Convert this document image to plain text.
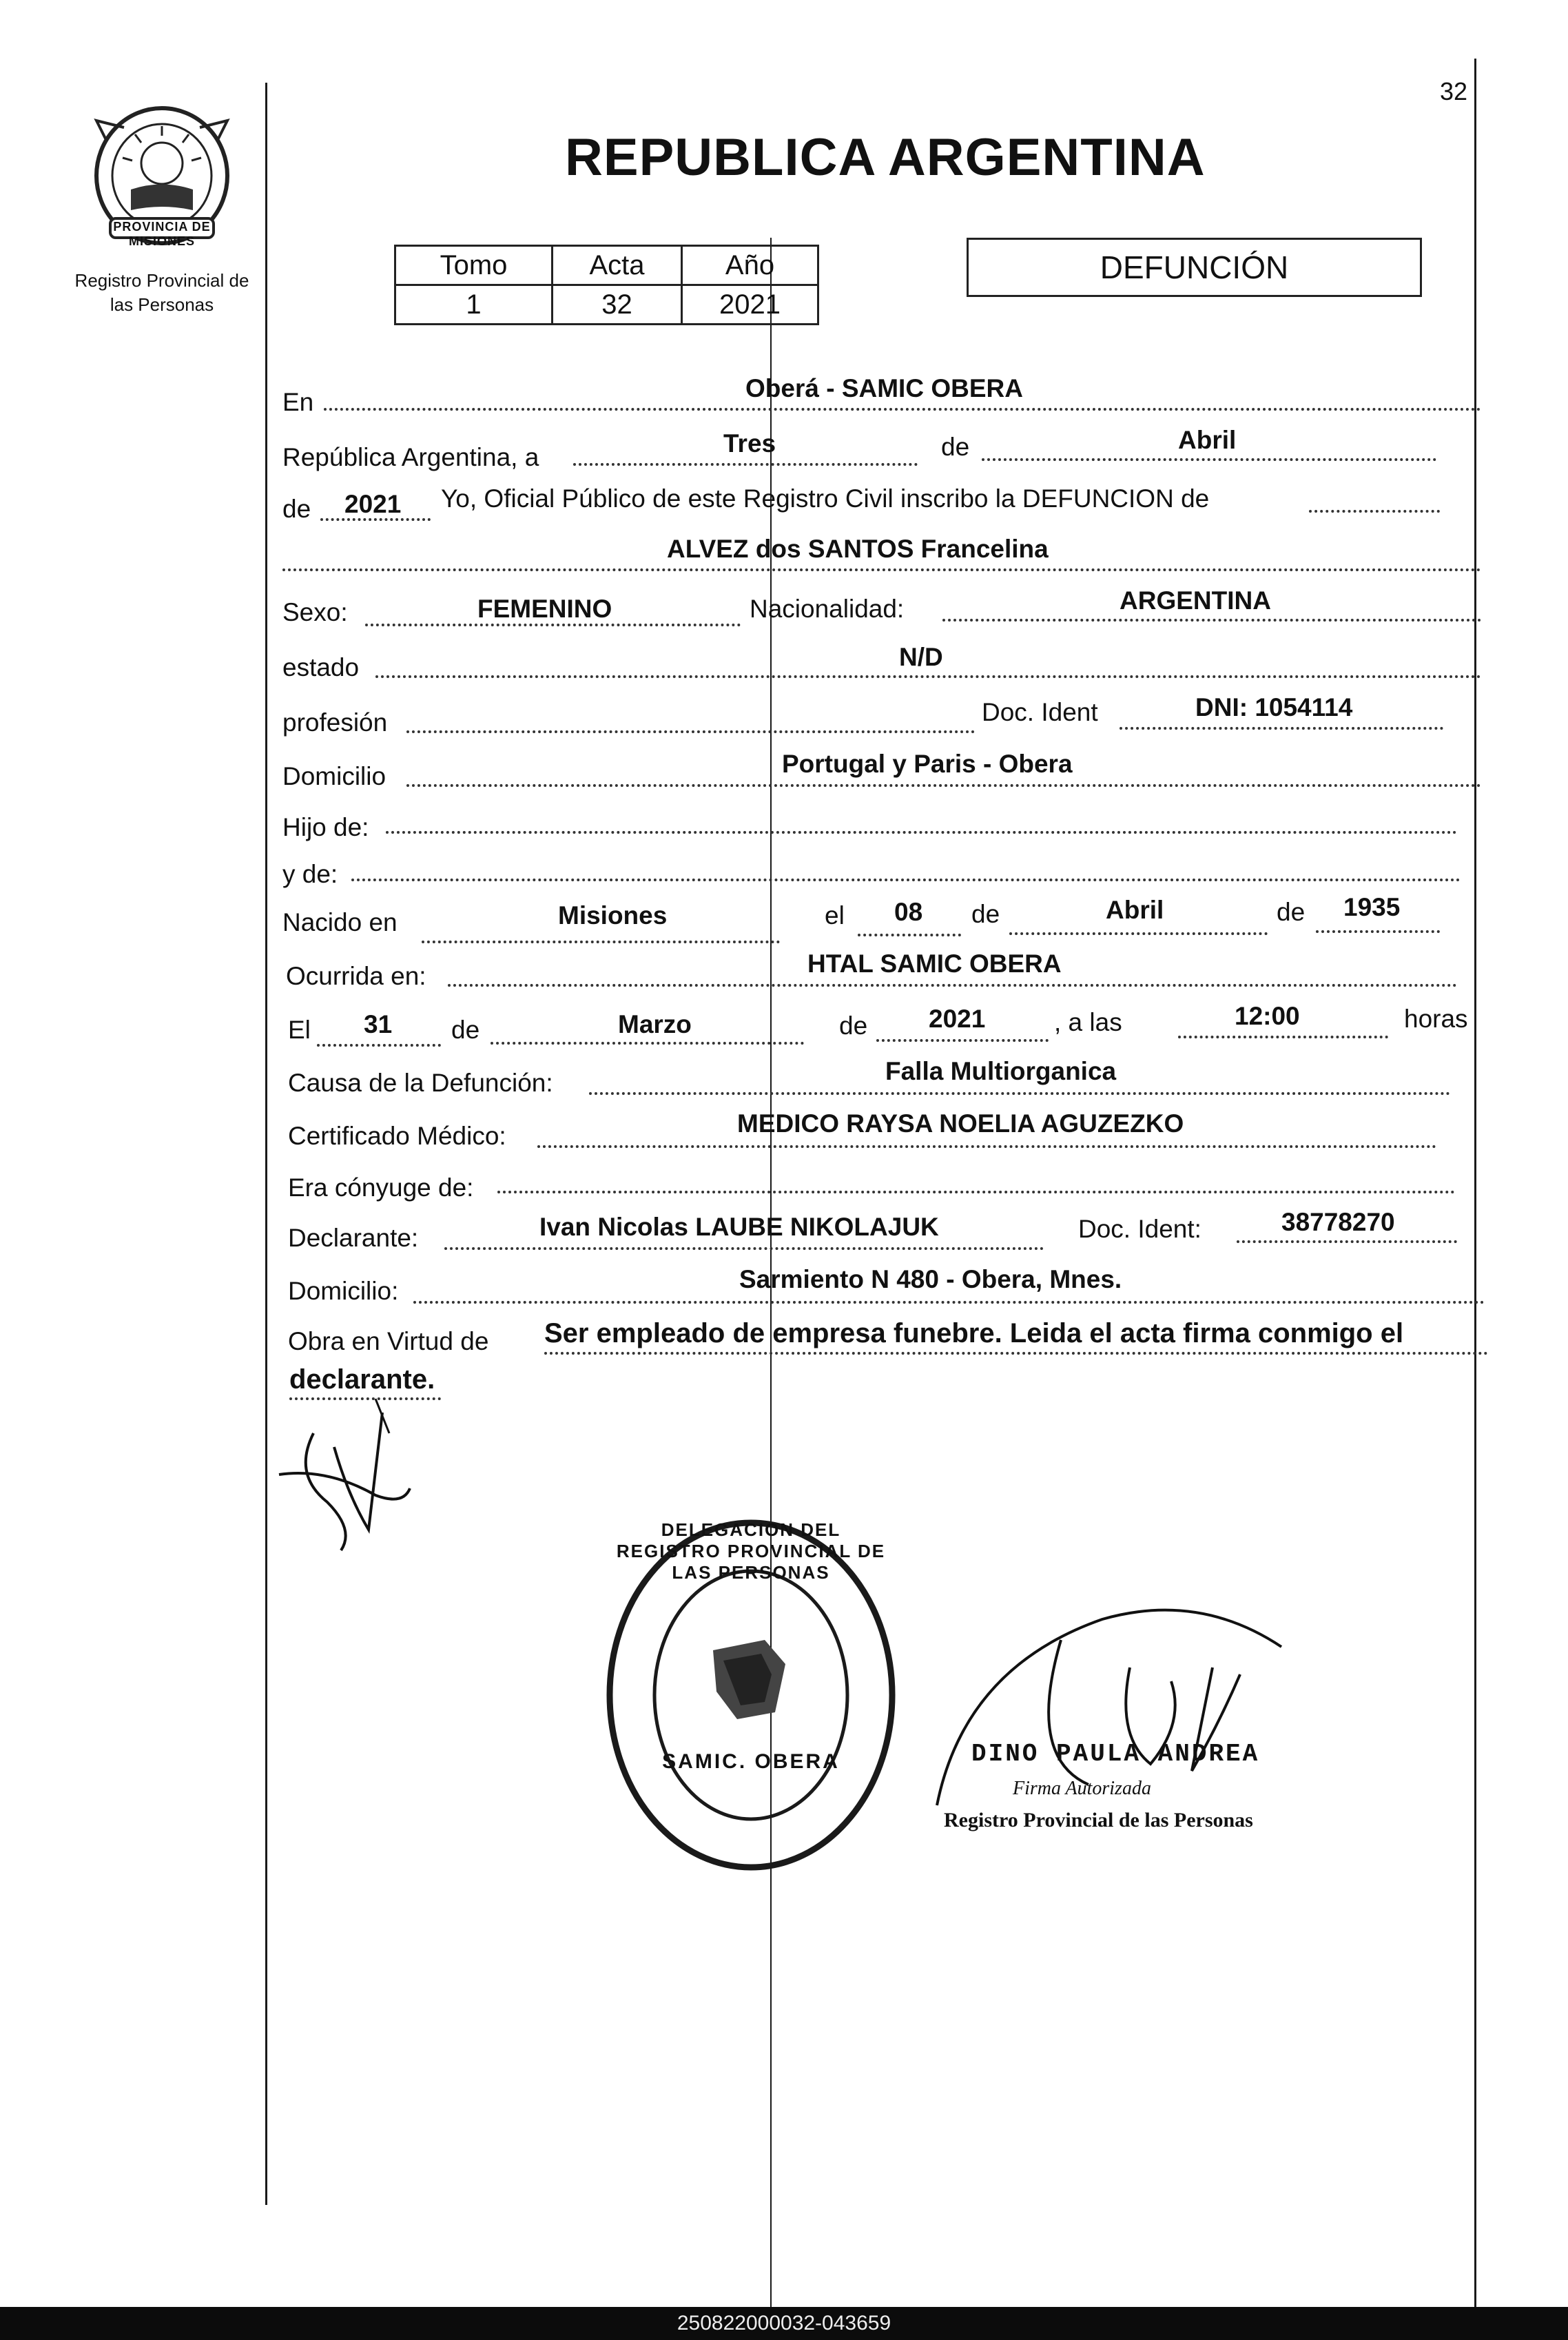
32
PROVINCIA DE MISIONES
Registro Provincial de
las Personas
REPUBLICA ARGENTINA
Tomo	Acta	Año
1	32	2021
DEFUNCIÓN
En	Oberá - SAMIC OBERA
República Argentina, a	Tres	de	Abril
de 2021 Yo, Oficial Público de este Registro Civil inscribo la DEFUNCION de
ALVEZ dos SANTOS Francelina
Sexo:	FEMENINO	Nacionalidad:	ARGENTINA
estado	N/D
profesión	Doc. Ident	DNI: 1054114
Domicilio	Portugal y Paris - Obera
Hijo de:
y de:
Nacido en	Misiones	el 08 de	Abril	de 1935
Ocurrida en:	HTAL SAMIC OBERA
El 31 de	Marzo	de 2021	, a las	12:00	horas
Causa de la Defunción:	Falla Multiorganica
Certificado Médico:	MEDICO RAYSA NOELIA AGUZEZKO
Era cónyuge de:
Declarante:	Ivan Nicolas LAUBE NIKOLAJUK	Doc. Ident:	38778270
Domicilio:	Sarmiento N 480 - Obera, Mnes.
Obra en Virtud de Ser empleado de empresa funebre. Leida el acta firma conmigo el
declarante.
DELEGACION DEL REGISTRO PROVINCIAL DE LAS PERSONAS
SAMIC. OBERA	DINO PAULA ANDREA
Firma Autorizada
Registro Provincial de las Personas
250822000032-043659
